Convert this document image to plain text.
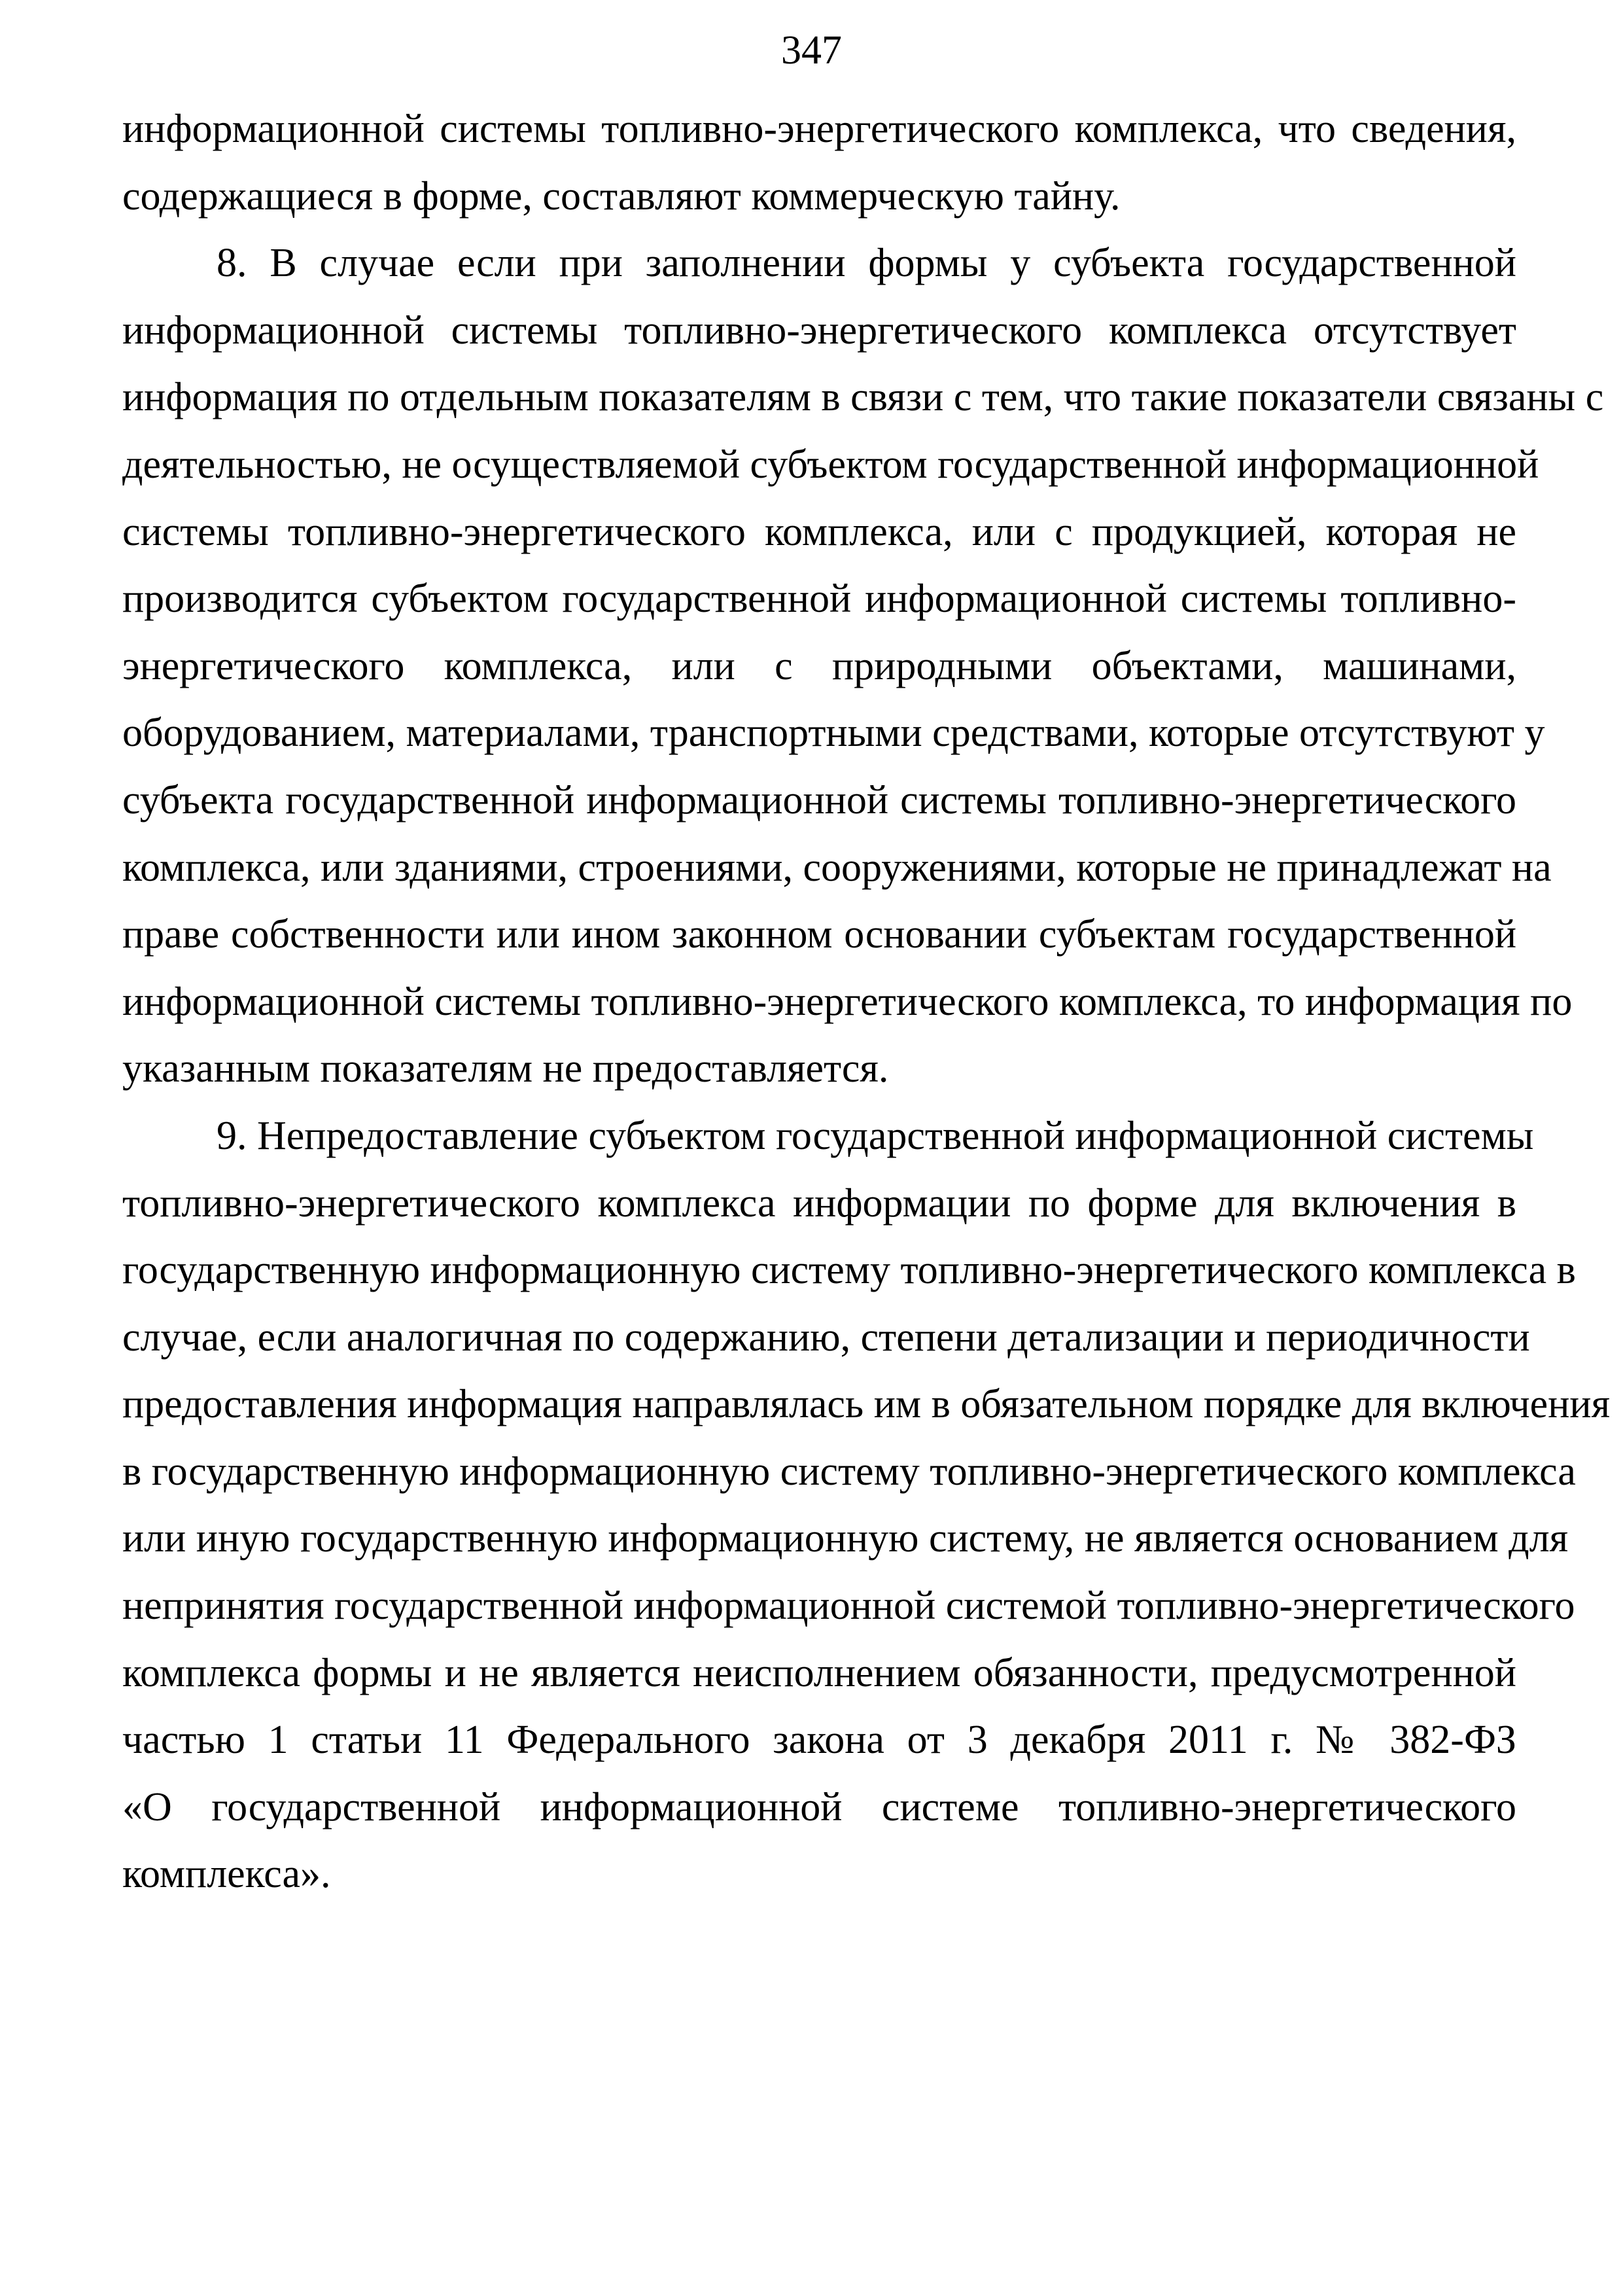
347
информационной системы топливно-энергетического комплекса, что сведения,
содержащиеся в форме, составляют коммерческую тайну.
8. В случае если при заполнении формы у субъекта государственной
информационной системы топливно-энергетического комплекса отсутствует
информация по отдельным показателям в связи с тем, что такие показатели связаны с
деятельностью, не осуществляемой субъектом государственной информационной
системы топливно-энергетического комплекса, или с продукцией, которая не
производится субъектом государственной информационной системы топливно-
энергетического комплекса, или с природными объектами, машинами,
оборудованием, материалами, транспортными средствами, которые отсутствуют у
субъекта государственной информационной системы топливно-энергетического
комплекса, или зданиями, строениями, сооружениями, которые не принадлежат на
праве собственности или ином законном основании субъектам государственной
информационной системы топливно-энергетического комплекса, то информация по
указанным показателям не предоставляется.
9. Непредоставление субъектом государственной информационной системы
топливно-энергетического комплекса информации по форме для включения в
государственную информационную систему топливно-энергетического комплекса в
случае, если аналогичная по содержанию, степени детализации и периодичности
предоставления информация направлялась им в обязательном порядке для включения
в государственную информационную систему топливно-энергетического комплекса
или иную государственную информационную систему, не является основанием для
непринятия государственной информационной системой топливно-энергетического
комплекса формы и не является неисполнением обязанности, предусмотренной
частью 1 статьи 11 Федерального закона от 3 декабря 2011 г. № 382-ФЗ
«О государственной информационной системе топливно-энергетического
комплекса».
